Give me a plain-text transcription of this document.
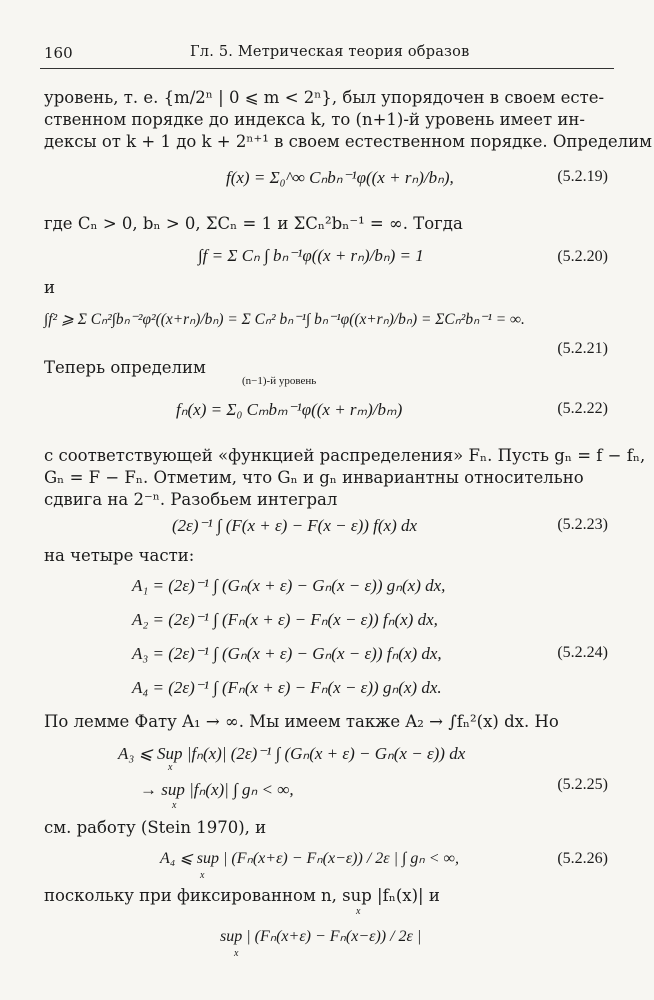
160	Гл. 5. Метрическая теория образов
уровень, т. е. {m/2ⁿ | 0 ⩽ m < 2ⁿ}, был упорядочен в своем есте-
ственном порядке до индекса k, то (n+1)-й уровень имеет ин-
дексы от k + 1 до k + 2ⁿ⁺¹ в своем естественном порядке. Определим
f(x) = Σ₀^∞ Cₙbₙ⁻¹φ((x + rₙ)/bₙ),	(5.2.19)
где Cₙ > 0, bₙ > 0, ΣCₙ = 1 и ΣCₙ²bₙ⁻¹ = ∞. Тогда
∫f = Σ Cₙ ∫ bₙ⁻¹φ((x + rₙ)/bₙ) = 1	(5.2.20)
и
∫f² ⩾ Σ Cₙ²∫bₙ⁻²φ²((x+rₙ)/bₙ) = Σ Cₙ² bₙ⁻¹∫ bₙ⁻¹φ((x+rₙ)/bₙ) = ΣCₙ²bₙ⁻¹ = ∞.
(5.2.21)
Теперь определим
(n−1)-й уровень
fₙ(x) = Σ₀ Cₘbₘ⁻¹φ((x + rₘ)/bₘ)	(5.2.22)
с соответствующей «функцией распределения» Fₙ. Пусть gₙ = f − fₙ,
Gₙ = F − Fₙ. Отметим, что Gₙ и gₙ инвариантны относительно
сдвига на 2⁻ⁿ. Разобьем интеграл
(2ε)⁻¹ ∫ (F(x + ε) − F(x − ε)) f(x) dx	(5.2.23)
на четыре части:
A₁ = (2ε)⁻¹ ∫ (Gₙ(x + ε) − Gₙ(x − ε)) gₙ(x) dx,
A₂ = (2ε)⁻¹ ∫ (Fₙ(x + ε) − Fₙ(x − ε)) fₙ(x) dx,
A₃ = (2ε)⁻¹ ∫ (Gₙ(x + ε) − Gₙ(x − ε)) fₙ(x) dx,	(5.2.24)
A₄ = (2ε)⁻¹ ∫ (Fₙ(x + ε) − Fₙ(x − ε)) gₙ(x) dx.
По лемме Фату A₁ → ∞. Мы имеем также A₂ → ∫fₙ²(x) dx. Но
A₃ ⩽ Sup |fₙ(x)| (2ε)⁻¹ ∫ (Gₙ(x + ε) − Gₙ(x − ε)) dx
x
→ sup |fₙ(x)| ∫ gₙ < ∞,
x
(5.2.25)
см. работу (Stein 1970), и
A₄ ⩽ sup | (Fₙ(x+ε) − Fₙ(x−ε)) / 2ε | ∫ gₙ < ∞,
x
(5.2.26)
поскольку при фиксированном n, sup |fₙ(x)| и
x
sup | (Fₙ(x+ε) − Fₙ(x−ε)) / 2ε |
x
